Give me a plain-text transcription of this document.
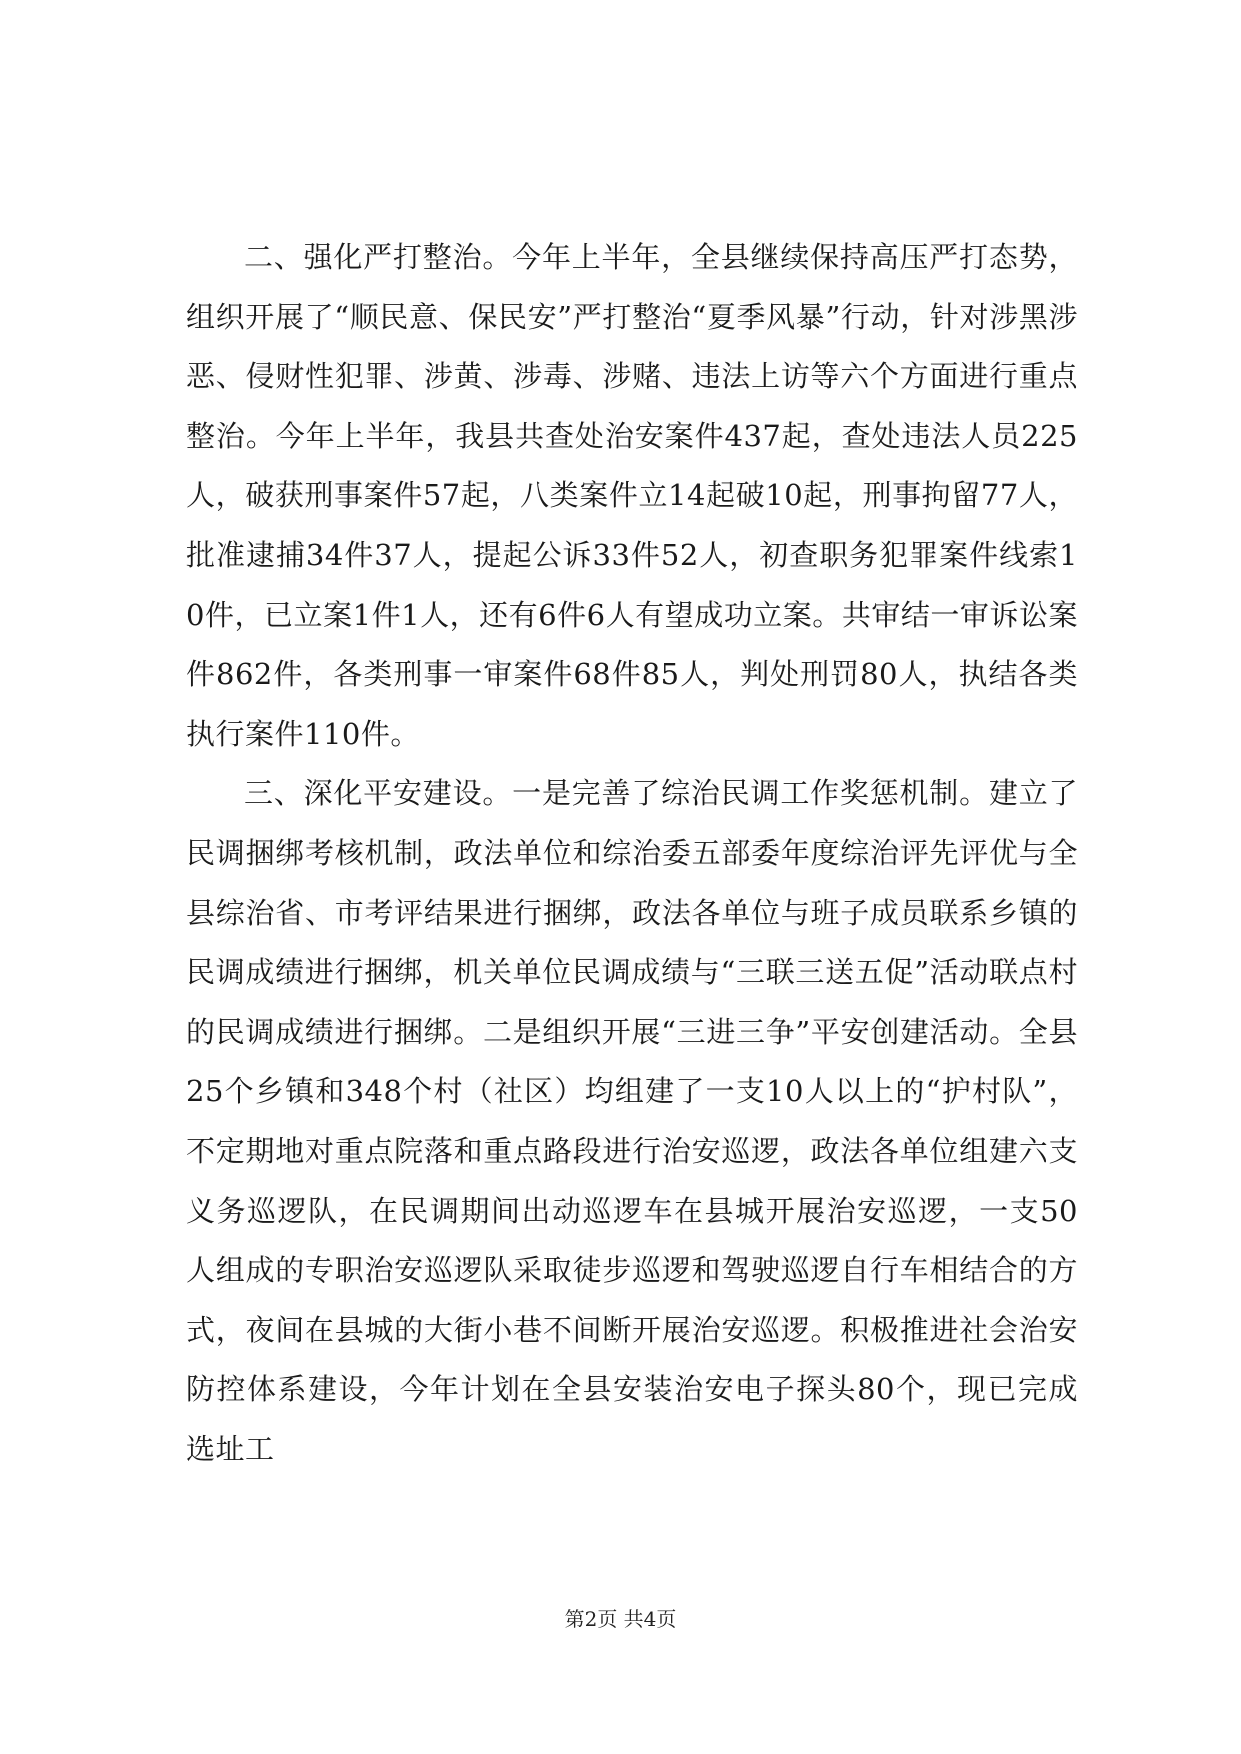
二、强化严打整治。今年上半年，全县继续保持高压严打态势，组织开展了“顺民意、保民安”严打整治“夏季风暴”行动，针对涉黑涉恶、侵财性犯罪、涉黄、涉毒、涉赌、违法上访等六个方面进行重点整治。今年上半年，我县共查处治安案件437起，查处违法人员225人，破获刑事案件57起，八类案件立14起破10起，刑事拘留77人，批准逮捕34件37人，提起公诉33件52人，初查职务犯罪案件线索10件，已立案1件1人，还有6件6人有望成功立案。共审结一审诉讼案件862件，各类刑事一审案件68件85人，判处刑罚80人，执结各类执行案件110件。

三、深化平安建设。一是完善了综治民调工作奖惩机制。建立了民调捆绑考核机制，政法单位和综治委五部委年度综治评先评优与全县综治省、市考评结果进行捆绑，政法各单位与班子成员联系乡镇的民调成绩进行捆绑，机关单位民调成绩与“三联三送五促”活动联点村的民调成绩进行捆绑。二是组织开展“三进三争”平安创建活动。全县25个乡镇和348个村（社区）均组建了一支10人以上的“护村队”，不定期地对重点院落和重点路段进行治安巡逻，政法各单位组建六支义务巡逻队，在民调期间出动巡逻车在县城开展治安巡逻，一支50人组成的专职治安巡逻队采取徒步巡逻和驾驶巡逻自行车相结合的方式，夜间在县城的大街小巷不间断开展治安巡逻。积极推进社会治安防控体系建设，今年计划在全县安装治安电子探头80个，现已完成选址工

第2页 共4页
